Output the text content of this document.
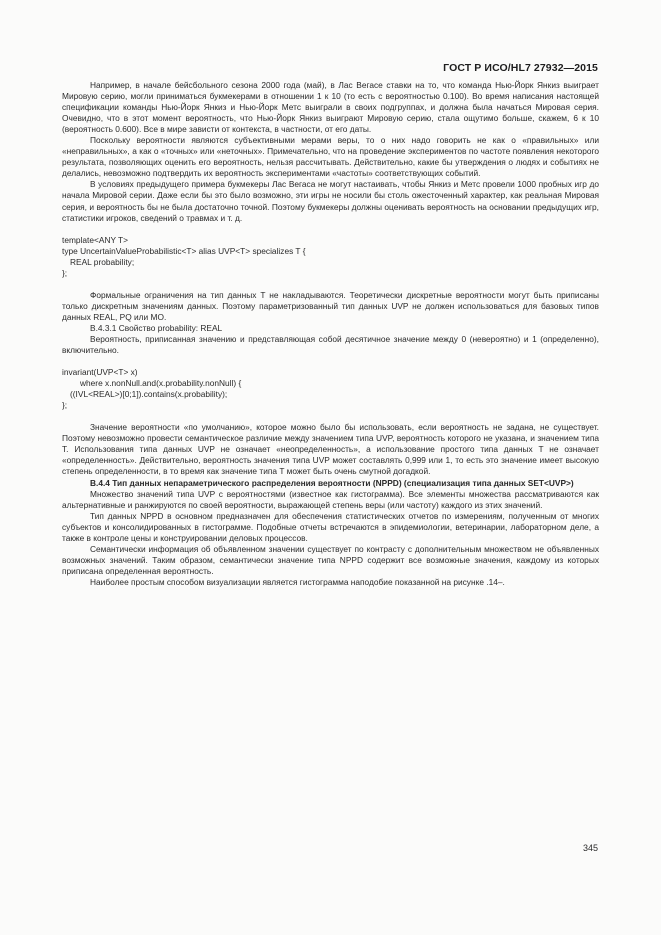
ГОСТ Р ИСО/HL7 27932—2015

Например, в начале бейсбольного сезона 2000 года (май), в Лас Вегасе ставки на то, что команда Нью-Йорк Янкиз выиграет Мировую серию, могли приниматься букмекерами в отношении 1 к 10 (то есть с вероятностью 0.100). Во время написания настоящей спецификации команды Нью-Йорк Янкиз и Нью-Йорк Метс выиграли в своих подгруппах, и должна была начаться Мировая серия. Очевидно, что в этот момент вероятность, что Нью-Йорк Янкиз выиграют Мировую серию, стала ощутимо больше, скажем, 6 к 10 (вероятность 0.600). Все в мире зависти от контекста, в частности, от его даты.

Поскольку вероятности являются субъективными мерами веры, то о них надо говорить не как о «правильных» или «неправильных», а как о «точных» или «неточных». Примечательно, что на проведение экспериментов по частоте появления некоторого результата, позволяющих оценить его вероятность, нельзя рассчитывать. Действительно, какие бы утверждения о людях и событиях не делались, невозможно подтвердить их вероятность экспериментами «частоты» соответствующих событий.

В условиях предыдущего примера букмекеры Лас Вегаса не могут настаивать, чтобы Янкиз и Метс провели 1000 пробных игр до начала Мировой серии. Даже если бы это было возможно, эти игры не носили бы столь ожесточенный характер, как реальная Мировая серия, и вероятность бы не была достаточно точной. Поэтому букмекеры должны оценивать вероятность на основании предыдущих игр, статистики игроков, сведений о травмах и т. д.

template<ANY T>

type UncertainValueProbabilistic<T> alias UVP<T> specializes T {

REAL probability;

};

Формальные ограничения на тип данных T не накладываются. Теоретически дискретные вероятности могут быть приписаны только дискретным значениям данных. Поэтому параметризованный тип данных UVP не должен использоваться для базовых типов данных REAL, PQ или MO.

B.4.3.1 Свойство probability: REAL

Вероятность, приписанная значению и представляющая собой десятичное значение между 0 (невероятно) и 1 (определенно), включительно.

invariant(UVP<T> x)

where x.nonNull.and(x.probability.nonNull) {

((IVL<REAL>)[0;1]).contains(x.probability);

};

Значение вероятности «по умолчанию», которое можно было бы использовать, если вероятность не задана, не существует. Поэтому невозможно провести семантическое различие между значением типа UVP, вероятность которого не указана, и значением типа T. Использования типа данных UVP не означает «неопределенность», а использование простого типа данных T не означает «определенность». Действительно, вероятность значения типа UVP может составлять 0,999 или 1, то есть это значение имеет высокую степень определенности, в то время как значение типа T может быть очень смутной догадкой.

B.4.4 Тип данных непараметрического распределения вероятности (NPPD) (специализация типа данных SET<UVP>)

Множество значений типа UVP с вероятностями (известное как гистограмма). Все элементы множества рассматриваются как альтернативные и ранжируются по своей вероятности, выражающей степень веры (или частоту) каждого из этих значений.

Тип данных NPPD в основном предназначен для обеспечения статистических отчетов по измерениям, полученным от многих субъектов и консолидированных в гистограмме. Подобные отчеты встречаются в эпидемиологии, ветеринарии, лабораторном деле, а также в контроле цены и конструировании деловых процессов.

Семантически информация об объявленном значении существует по контрасту с дополнительным множеством не объявленных возможных значений. Таким образом, семантически значение типа NPPD содержит все возможные значения, каждому из которых приписана определенная вероятность.

Наиболее простым способом визуализации является гистограмма наподобие показанной на рисунке .14–.

345
